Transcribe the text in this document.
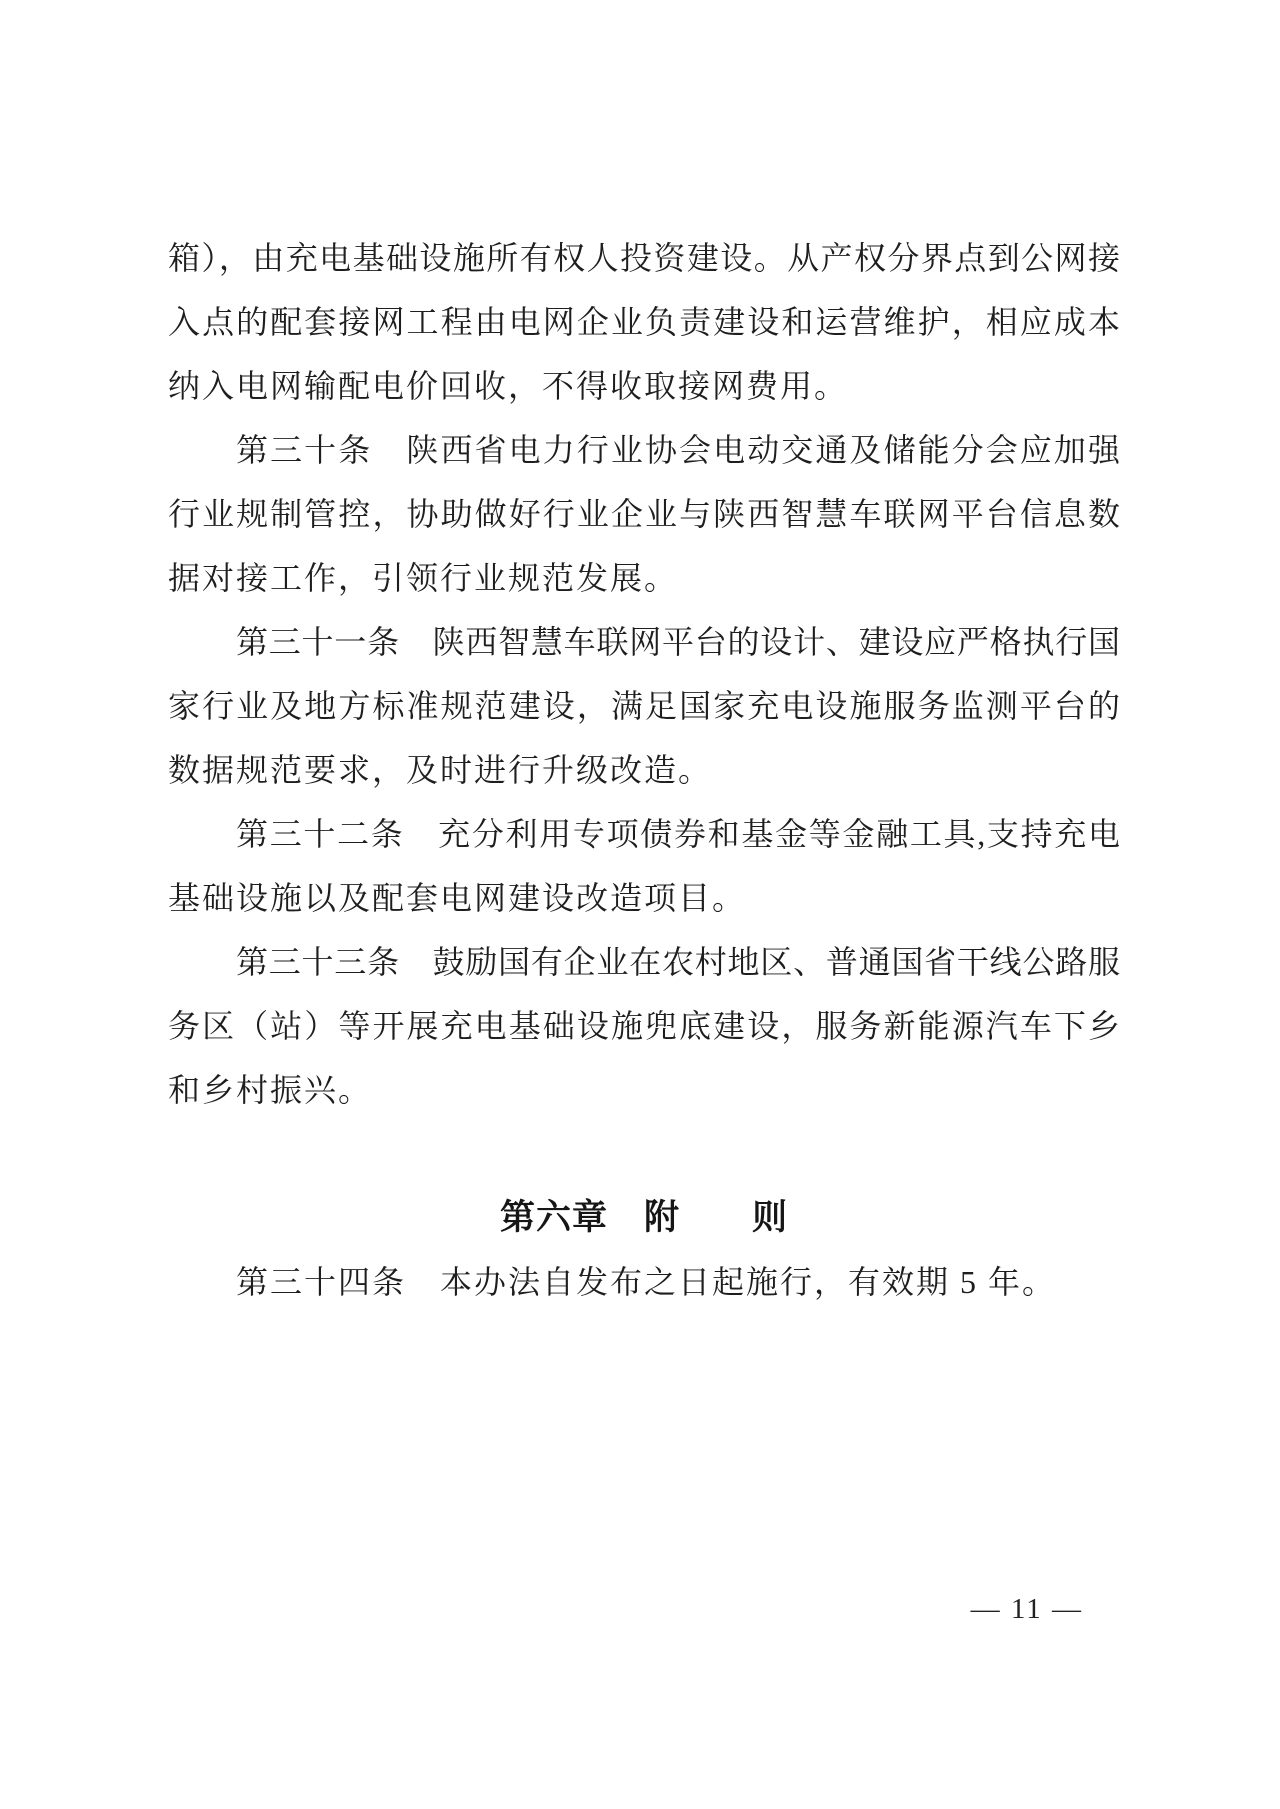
箱），由充电基础设施所有权人投资建设。从产权分界点到公网接
入点的配套接网工程由电网企业负责建设和运营维护，相应成本
纳入电网输配电价回收，不得收取接网费用。
第三十条　陕西省电力行业协会电动交通及储能分会应加强
行业规制管控，协助做好行业企业与陕西智慧车联网平台信息数
据对接工作，引领行业规范发展。
第三十一条　陕西智慧车联网平台的设计、建设应严格执行国
家行业及地方标准规范建设，满足国家充电设施服务监测平台的
数据规范要求，及时进行升级改造。
第三十二条　充分利用专项债券和基金等金融工具,支持充电
基础设施以及配套电网建设改造项目。
第三十三条　鼓励国有企业在农村地区、普通国省干线公路服
务区（站）等开展充电基础设施兜底建设，服务新能源汽车下乡
和乡村振兴。
第六章　附　　则
第三十四条　本办法自发布之日起施行，有效期 5 年。
— 11 —
